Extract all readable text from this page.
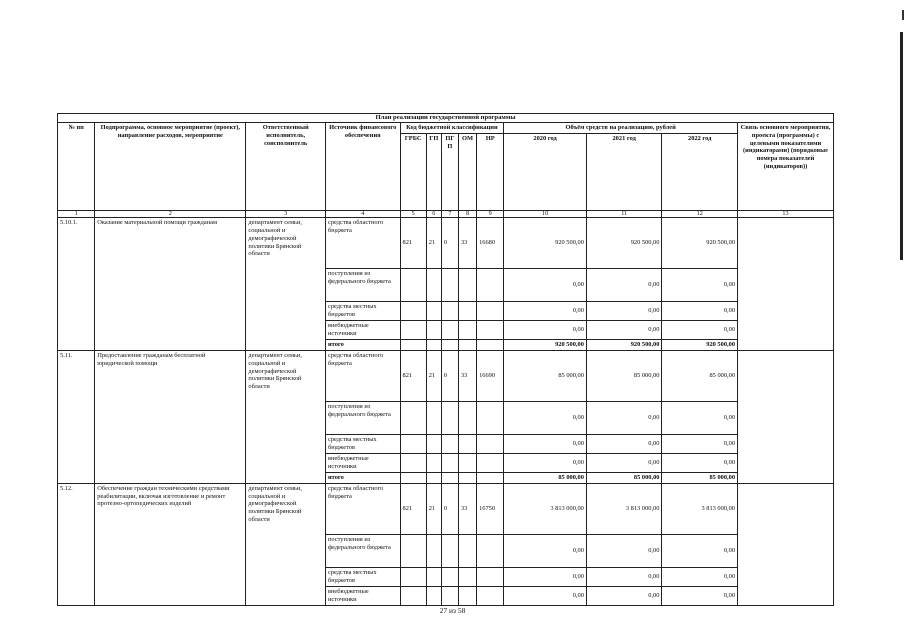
План реализации государственной программы												
№ пп	Подпрограмма, основное мероприятие (проект), направление расходов, мероприятие	Ответственный исполнитель, соисполнитель	Источник финансового обеспечения	Код бюджетной классификации					Объём средств на реализацию, рублей			Связь основного мероприятия, проекта (программы) с целевыми показателями (индикаторами) (порядковые номера показателей (индикаторов))
				ГРБС	ГП	ПГП	ОМ	НР	2020 год	2021 год	2022 год	
1	2	3	4	5	6	7	8	9	10	11	12	13
5.10.1.	Оказание материальной помощи гражданам	департамент семьи, социальной и демографической политики Брянской области	средства областного бюджета	821	21	0	33	16680	920 500,00	920 500,00	920 500,00	
			поступления из федерального бюджета						0,00	0,00	0,00	
			средства местных бюджетов						0,00	0,00	0,00	
			внебюджетные источники						0,00	0,00	0,00	
			итого						920 500,00	920 500,00	920 500,00	
5.11.	Предоставление гражданам бесплатной юридической помощи	департамент семьи, социальной и демографической политики Брянской области	средства областного бюджета	821	21	0	33	16690	85 000,00	85 000,00	85 000,00	
			поступления из федерального бюджета						0,00	0,00	0,00	
			средства местных бюджетов						0,00	0,00	0,00	
			внебюджетные источники						0,00	0,00	0,00	
			итого						85 000,00	85 000,00	85 000,00	
5.12.	Обеспечение граждан техническими средствами реабилитации, включая изготовление и ремонт протезно-ортопедических изделий	департамент семьи, социальной и демографической политики Брянской области	средства областного бюджета	821	21	0	33	16750	3 813 000,00	3 813 000,00	3 813 000,00	
			поступления из федерального бюджета						0,00	0,00	0,00	
			средства местных бюджетов						0,00	0,00	0,00	
			внебюджетные источники						0,00	0,00	0,00	
27 из 58
